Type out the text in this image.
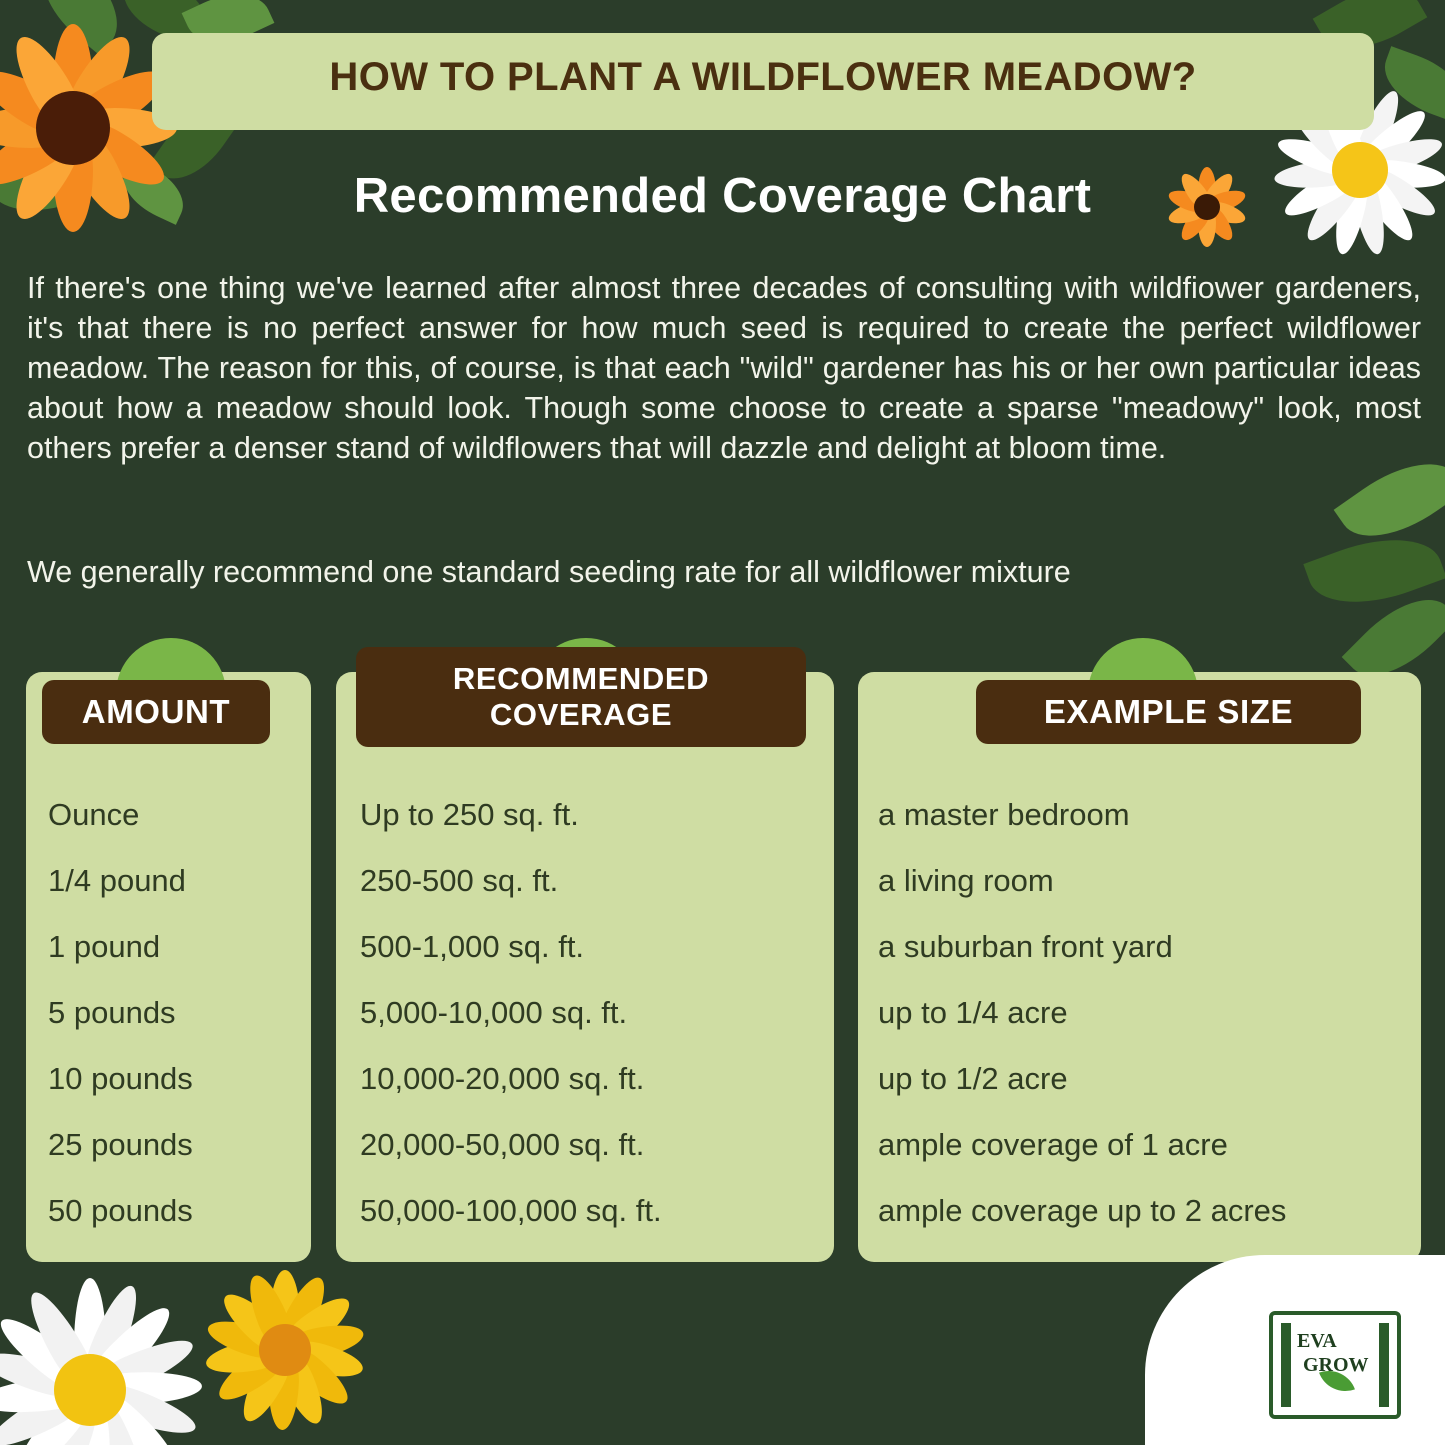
HOW TO PLANT A WILDFLOWER MEADOW?
Recommended Coverage Chart

If there's one thing we've learned after almost three decades of consulting with wildfiower gardeners, it's that there is no perfect answer for how much seed is required to create the perfect wildflower meadow. The reason for this, of course, is that each "wild" gardener has his or her own particular ideas about how a meadow should look. Though some choose to create a sparse "meadowy" look, most others prefer a denser stand of wildflowers that will dazzle and delight at bloom time.

We generally recommend one standard seeding rate for all wildflower mixture

AMOUNT
Ounce
1/4 pound
1 pound
5 pounds
10 pounds
25 pounds
50 pounds
RECOMMENDED
COVERAGE
Up to 250 sq. ft.
250-500 sq. ft.
500-1,000 sq. ft.
5,000-10,000 sq. ft.
10,000-20,000 sq. ft.
20,000-50,000 sq. ft.
50,000-100,000 sq. ft.
EXAMPLE SIZE
a master bedroom
a living room
a suburban front yard
up to 1/4 acre
up to 1/2 acre
ample coverage of 1 acre
ample coverage up to 2 acres
EVA
GROW
